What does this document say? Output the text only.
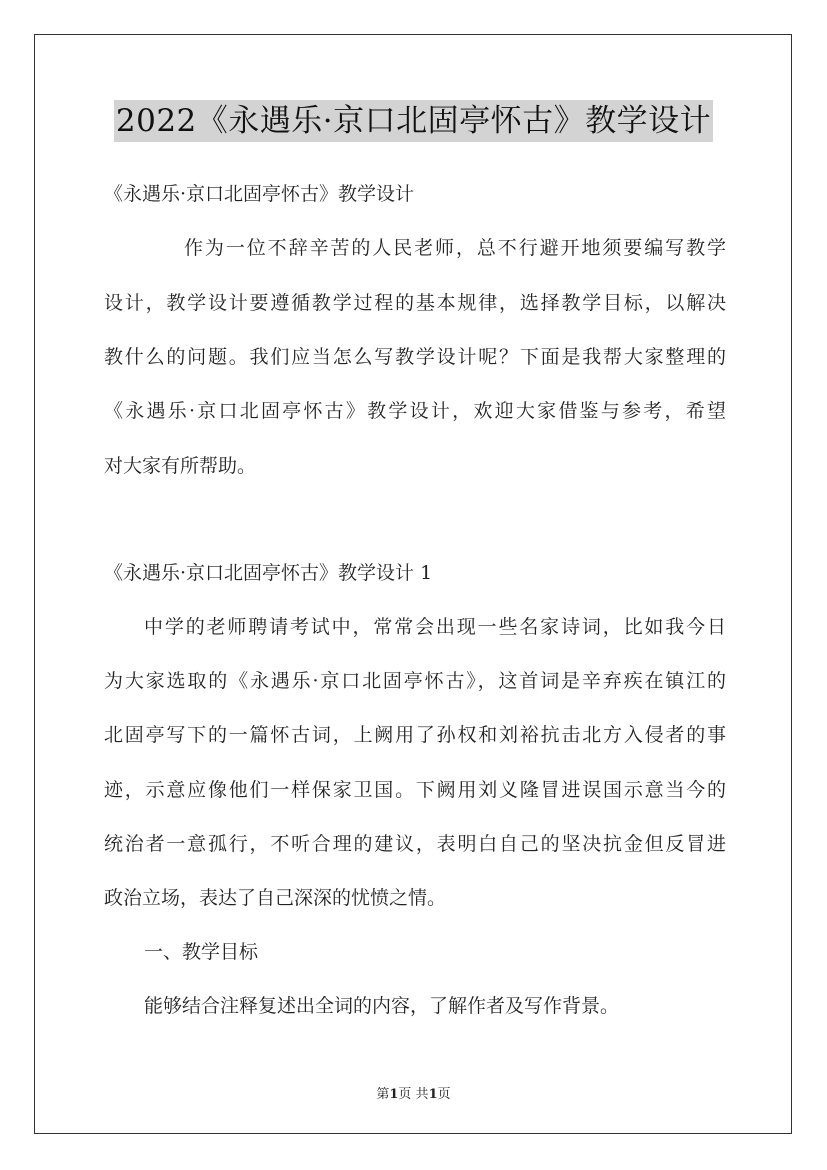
2022《永遇乐·京口北固亭怀古》教学设计
《永遇乐·京口北固亭怀古》教学设计
作为一位不辞辛苦的人民老师，总不行避开地须要编写教学
设计，教学设计要遵循教学过程的基本规律，选择教学目标，以解决
教什么的问题。我们应当怎么写教学设计呢？下面是我帮大家整理的
《永遇乐·京口北固亭怀古》教学设计，欢迎大家借鉴与参考，希望
对大家有所帮助。
《永遇乐·京口北固亭怀古》教学设计 1
中学的老师聘请考试中，常常会出现一些名家诗词，比如我今日
为大家选取的《永遇乐·京口北固亭怀古》，这首词是辛弃疾在镇江的
北固亭写下的一篇怀古词，上阙用了孙权和刘裕抗击北方入侵者的事
迹，示意应像他们一样保家卫国。下阙用刘义隆冒进误国示意当今的
统治者一意孤行，不听合理的建议，表明白自己的坚决抗金但反冒进
政治立场，表达了自己深深的忧愤之情。
一、教学目标
能够结合注释复述出全词的内容，了解作者及写作背景。
第1页 共1页
